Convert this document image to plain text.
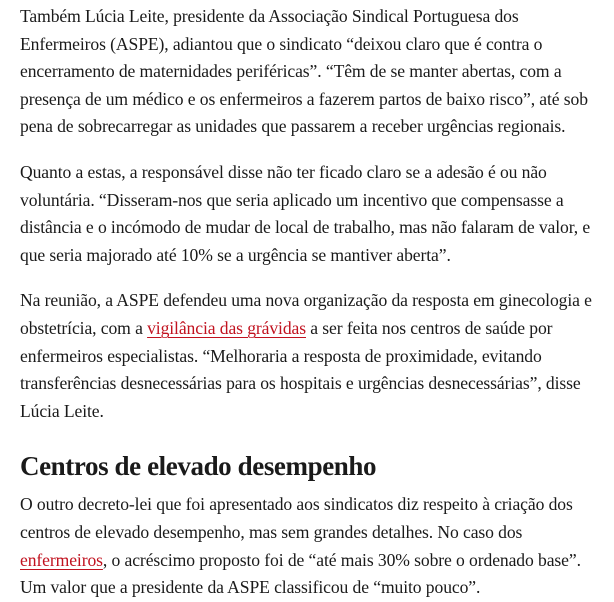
Também Lúcia Leite, presidente da Associação Sindical Portuguesa dos Enfermeiros (ASPE), adiantou que o sindicato “deixou claro que é contra o encerramento de maternidades periféricas”. “Têm de se manter abertas, com a presença de um médico e os enfermeiros a fazerem partos de baixo risco”, até sob pena de sobrecarregar as unidades que passarem a receber urgências regionais.

Quanto a estas, a responsável disse não ter ficado claro se a adesão é ou não voluntária. “Disseram-nos que seria aplicado um incentivo que compensasse a distância e o incómodo de mudar de local de trabalho, mas não falaram de valor, e que seria majorado até 10% se a urgência se mantiver aberta”.

Na reunião, a ASPE defendeu uma nova organização da resposta em ginecologia e obstetrícia, com a vigilância das grávidas a ser feita nos centros de saúde por enfermeiros especialistas. “Melhoraria a resposta de proximidade, evitando transferências desnecessárias para os hospitais e urgências desnecessárias”, disse Lúcia Leite.

Centros de elevado desempenho

O outro decreto-lei que foi apresentado aos sindicatos diz respeito à criação dos centros de elevado desempenho, mas sem grandes detalhes. No caso dos enfermeiros, o acréscimo proposto foi de “até mais 30% sobre o ordenado base”. Um valor que a presidente da ASPE classificou de “muito pouco”.
